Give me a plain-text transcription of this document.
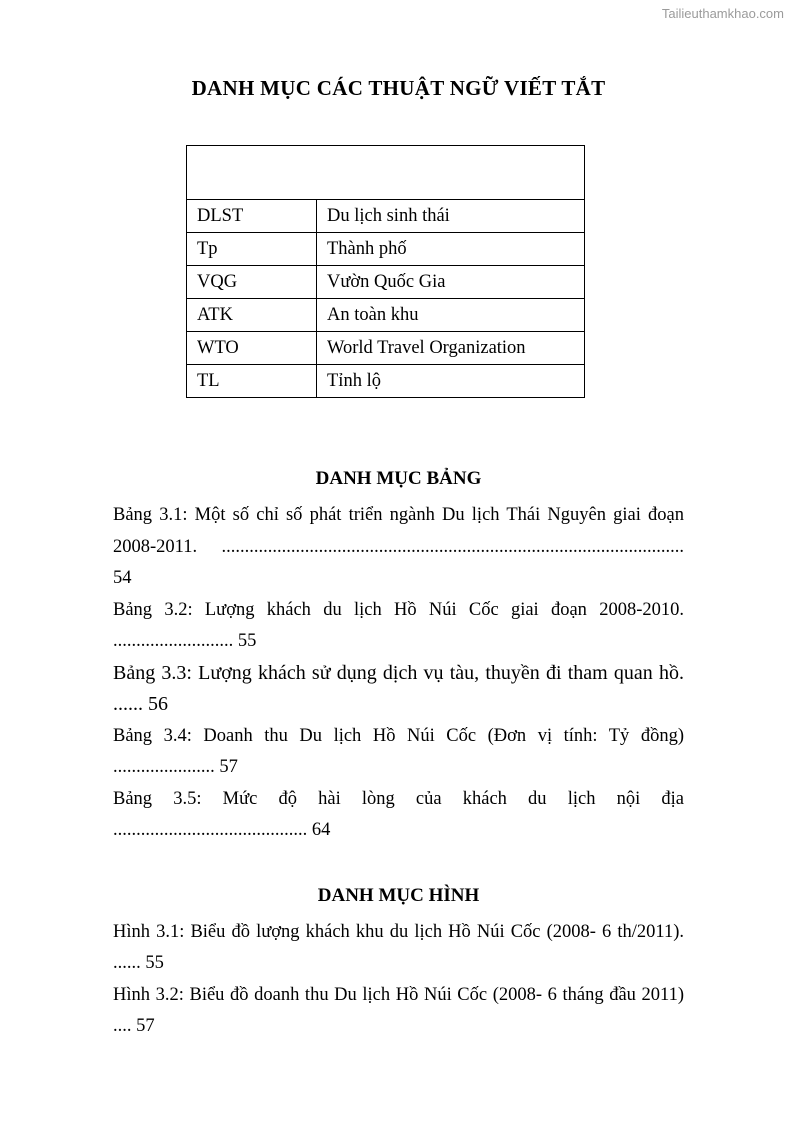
Tailieuthamkhao.com
DANH MỤC CÁC THUẬT NGỮ VIẾT TẮT

DLST	Du lịch sinh thái
Tp	Thành phố
VQG	Vườn Quốc Gia
ATK	An toàn khu
WTO	World Travel Organization
TL	Tỉnh lộ
DANH MỤC BẢNG

Bảng 3.1: Một số chỉ số phát triển ngành Du lịch Thái Nguyên giai đoạn 2008-2011. .................................................................................................... 54

Bảng 3.2: Lượng khách du lịch Hồ Núi Cốc giai đoạn 2008-2010. .......................... 55

Bảng 3.3: Lượng khách sử dụng dịch vụ tàu, thuyền đi tham quan hồ. ...... 56

Bảng 3.4: Doanh thu Du lịch Hồ Núi Cốc (Đơn vị tính: Tỷ đồng) ...................... 57

Bảng 3.5: Mức độ hài lòng của khách du lịch nội địa .......................................... 64

DANH MỤC HÌNH

Hình 3.1: Biểu đồ lượng khách khu du lịch Hồ Núi Cốc (2008- 6 th/2011). ...... 55

Hình 3.2: Biểu đồ doanh thu Du lịch Hồ Núi Cốc (2008- 6 tháng đầu 2011) .... 57
